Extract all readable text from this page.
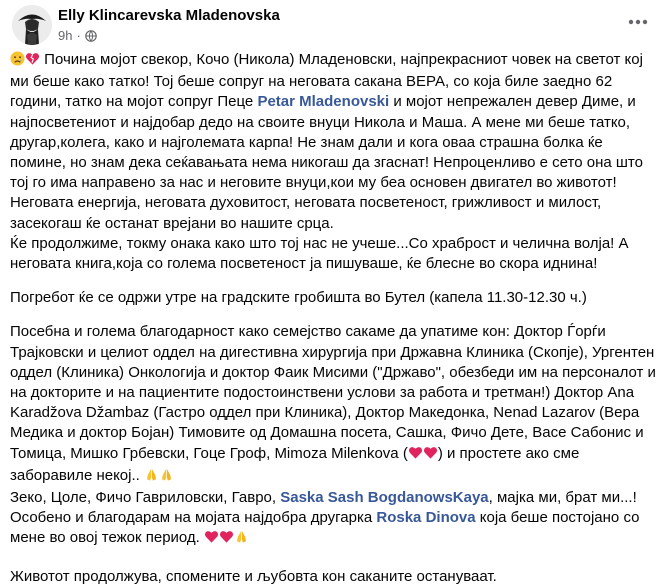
Elly Klincarevska Mladenovska
9h ·

Почина мојот свекор, Кочо (Никола) Младеновски, најпрекрасниот човек на светот кој ми беше како татко! Тој беше сопруг на неговата сакана ВЕРА, со која биле заедно 62 години, татко на мојот сопруг Пеце Petar Mladenovski и мојот непрежален девер Диме, и најпосветениот и најдобар дедо на своите внуци Никола и Маша. А мене ми беше татко, другар,колега, како и најголемата карпа! Не знам дали и кога оваа страшна болка ќе помине, но знам дека сеќавањата нема никогаш да згаснат! Непроценливо е сето она што тој го има направено за нас и неговите внуци,кои му беа основен двигател во животот! Неговата енергија, неговата духовитост, неговата посветеност, грижливост и милост, засекогаш ќе останат вреjани во нашите срца.

Ќе продолжиме, токму онака како што тој нас не учеше...Со храброст и челична волја! А неговата книга,која со голема посветеност ја пишуваше, ќе блесне во скора иднина!

Погребот ќе се одржи утре на градските гробишта во Бутел (капела 11.30-12.30 ч.)

Посебна и голема благодарност како семејство сакаме да упатиме кон: Доктор Ѓорѓи Трајковски и целиот оддел на дигестивна хирургија при Државна Клиника (Скопје), Ургентен оддел (Клиника) Онкологија и доктор Фаик Мисими ("Државо", обезбеди им на персоналот и на докторите и на пациентите подостоинствени услови за работа и третман!) Доктор Ana Karadžova Džambaz (Гастро оддел при Клиника), Доктор Македонка, Nenad Lazarov (Вера Медика и доктор Бојан) Тимовите од Домашна посета, Сашка, Фичо Дете, Васе Сабонис и Томица, Мишко Грбевски, Гоце Гроф, Mimoza Milenkova ( ) и простете ако сме заборавиле некој..

Зеко, Цоле, Фичо Гавриловски, Гаврo, Saska Sash BogdanowsKaya, мајка ми, брат ми...!

Особено и благодарам на мојата најдобра другарка Roska Dinova која беше постојано со мене во овој тежок период.

Животот продолжува, спомените и љубовта кон саканите остануваат.
